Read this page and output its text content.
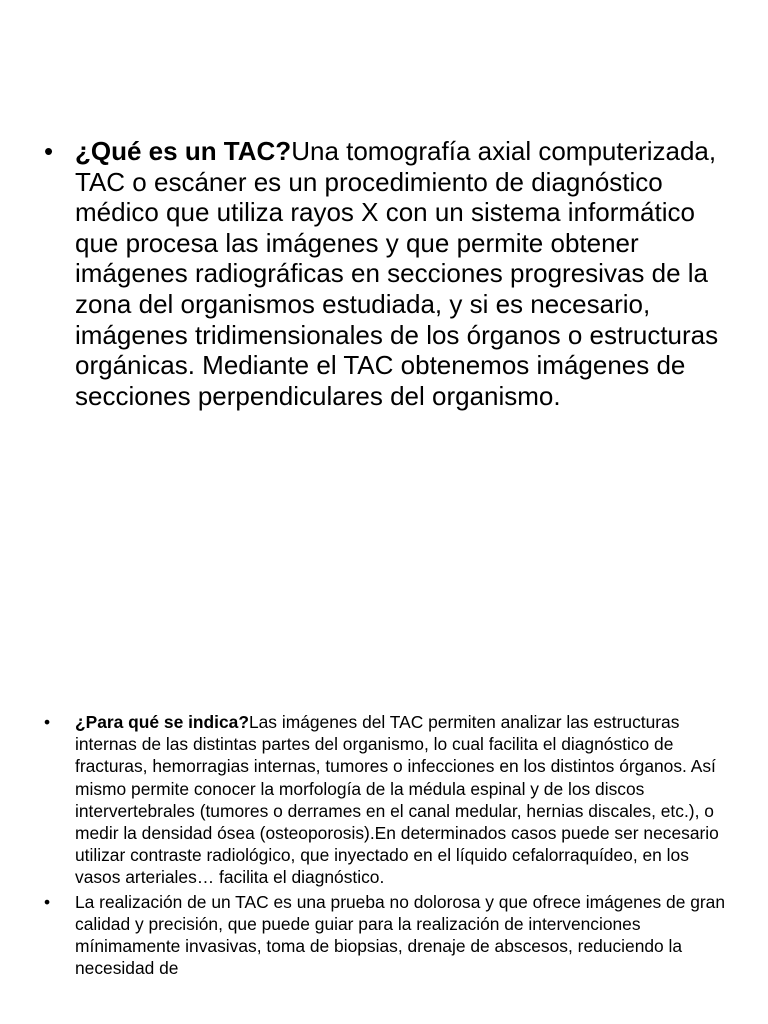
• ¿Qué es un TAC?Una tomografía axial computerizada, TAC o escáner es un procedimiento de diagnóstico médico que utiliza rayos X con un sistema informático que procesa las imágenes y que permite obtener imágenes radiográficas en secciones progresivas de la zona del organismos estudiada, y si es necesario, imágenes tridimensionales de los órganos o estructuras orgánicas. Mediante el TAC obtenemos imágenes de secciones perpendiculares del organismo.
•	¿Para qué se indica?Las imágenes del TAC permiten analizar las estructuras internas de las distintas partes del organismo, lo cual facilita el diagnóstico de fracturas, hemorragias internas, tumores o infecciones en los distintos órganos. Así mismo permite conocer la morfología de la médula espinal y de los discos intervertebrales (tumores o derrames en el canal medular, hernias discales, etc.), o medir la densidad ósea (osteoporosis).En determinados casos puede ser necesario utilizar contraste radiológico, que inyectado en el líquido cefalorraquídeo, en los vasos arteriales… facilita el diagnóstico.
•	La realización de un TAC es una prueba no dolorosa y que ofrece imágenes de gran calidad y precisión, que puede guiar para la realización de intervenciones mínimamente invasivas, toma de biopsias, drenaje de abscesos, reduciendo la necesidad de
